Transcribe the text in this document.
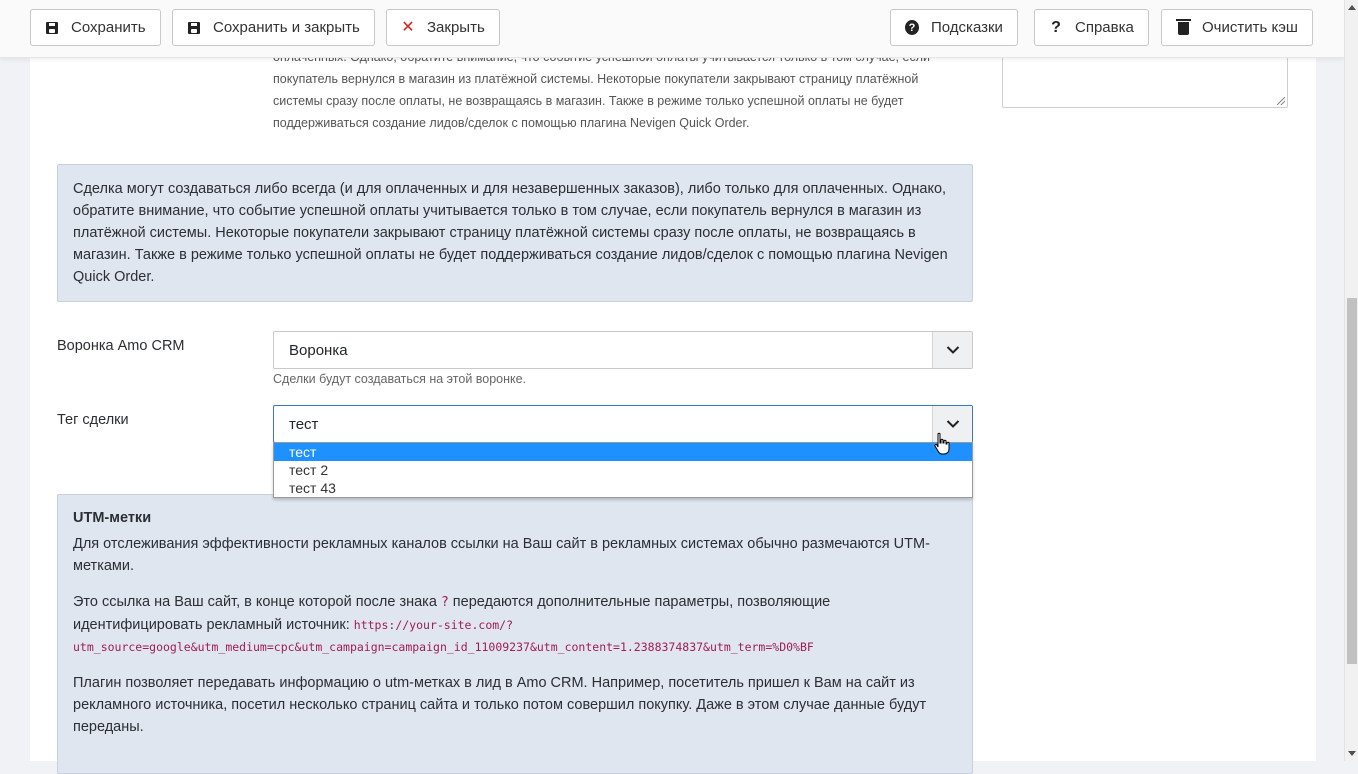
Сохранить	Сохранить и закрыть	✕ Закрыть	? Подсказки	? Справка	Очистить кэш
покупатель вернулся в магазин из платёжной системы. Некоторые покупатели закрывают страницу платёжной
системы сразу после оплаты, не возвращаясь в магазин. Также в режиме только успешной оплаты не будет
поддерживаться создание лидов/сделок с помощью плагина Nevigen Quick Order.
Сделка могут создаваться либо всегда (и для оплаченных и для незавершенных заказов), либо только для оплаченных. Однако, обратите внимание, что событие успешной оплаты учитывается только в том случае, если покупатель вернулся в магазин из платёжной системы. Некоторые покупатели закрывают страницу платёжной системы сразу после оплаты, не возвращаясь в магазин. Также в режиме только успешной оплаты не будет поддерживаться создание лидов/сделок с помощью плагина Nevigen Quick Order.
Воронка Amo CRM	Воронка
Сделки будут создаваться на этой воронке.
Тег сделки	тест
тест
тест 2
тест 43

UTM-метки

Для отслеживания эффективности рекламных каналов ссылки на Ваш сайт в рекламных системах обычно размечаются UTM-метками.

Это ссылка на Ваш сайт, в конце которой после знака ? передаются дополнительные параметры, позволяющие идентифицировать рекламный источник: https://your-site.com/? utm_source=google&utm_medium=cpc&utm_campaign=campaign_id_11009237&utm_content=1.2388374837&utm_term=%D0%BF

Плагин позволяет передавать информацию о utm-метках в лид в Amo CRM. Например, посетитель пришел к Вам на сайт из рекламного источника, посетил несколько страниц сайта и только потом совершил покупку. Даже в этом случае данные будут переданы.
